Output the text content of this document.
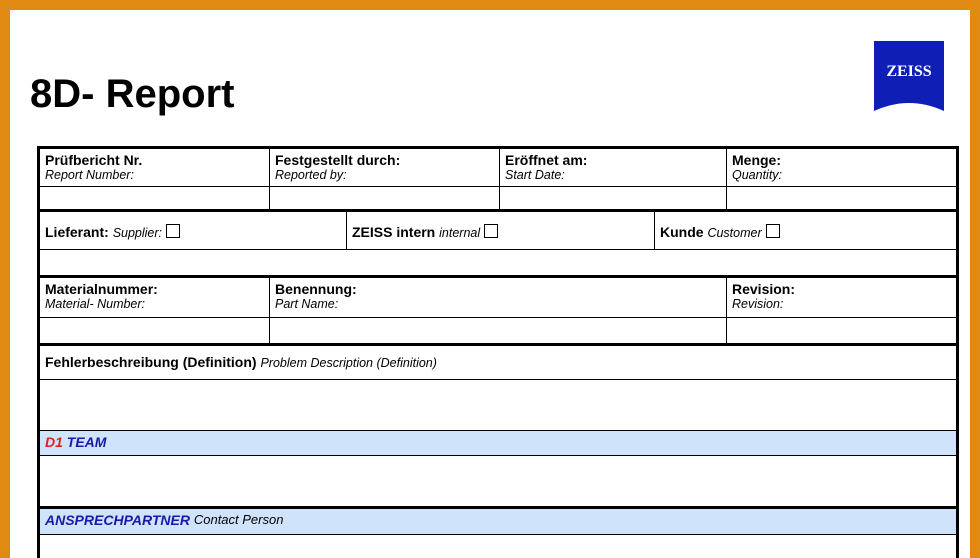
8D- Report
ZEISS
Prüfbericht Nr.
Report Number:
Festgestellt durch:
Reported by:
Eröffnet am:
Start Date:
Menge:
Quantity:
Lieferant: Supplier:	ZEISS intern internal	Kunde Customer
Materialnummer:
Material- Number:
Benennung:
Part Name:
Revision:
Revision:
Fehlerbeschreibung (Definition) Problem Description (Definition)
D1
TEAM
ANSPRECHPARTNER
Contact Person
